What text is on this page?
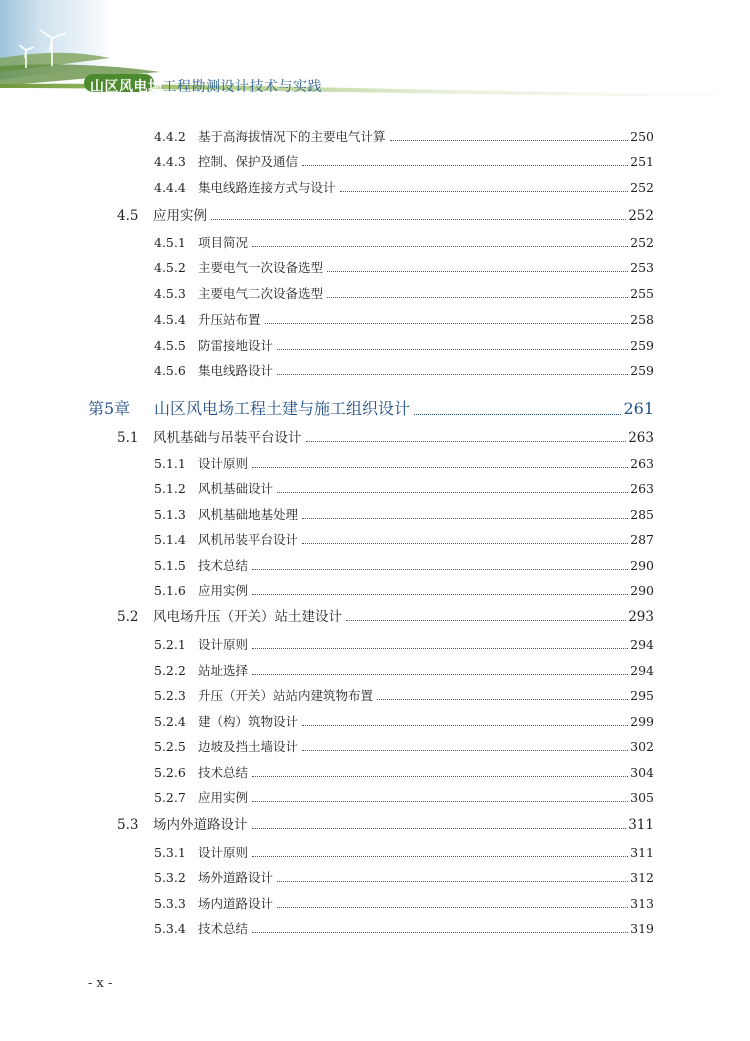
山区风电场工程勘测设计技术与实践
4.4.2 基于高海拔情况下的主要电气计算	250
4.4.3 控制、保护及通信	251
4.4.4 集电线路连接方式与设计	252
4.5	应用实例	252
4.5.1 项目简况	252
4.5.2 主要电气一次设备选型	253
4.5.3 主要电气二次设备选型	255
4.5.4 升压站布置	258
4.5.5 防雷接地设计	259
4.5.6 集电线路设计	259
第5章	山区风电场工程土建与施工组织设计	261
5.1	风机基础与吊装平台设计	263
5.1.1 设计原则	263
5.1.2 风机基础设计	263
5.1.3 风机基础地基处理	285
5.1.4 风机吊装平台设计	287
5.1.5 技术总结	290
5.1.6 应用实例	290
5.2	风电场升压（开关）站土建设计	293
5.2.1 设计原则	294
5.2.2 站址选择	294
5.2.3 升压（开关）站站内建筑物布置	295
5.2.4 建（构）筑物设计	299
5.2.5 边坡及挡土墙设计	302
5.2.6 技术总结	304
5.2.7 应用实例	305
5.3	场内外道路设计	311
5.3.1 设计原则	311
5.3.2 场外道路设计	312
5.3.3 场内道路设计	313
5.3.4 技术总结	319
- x -
